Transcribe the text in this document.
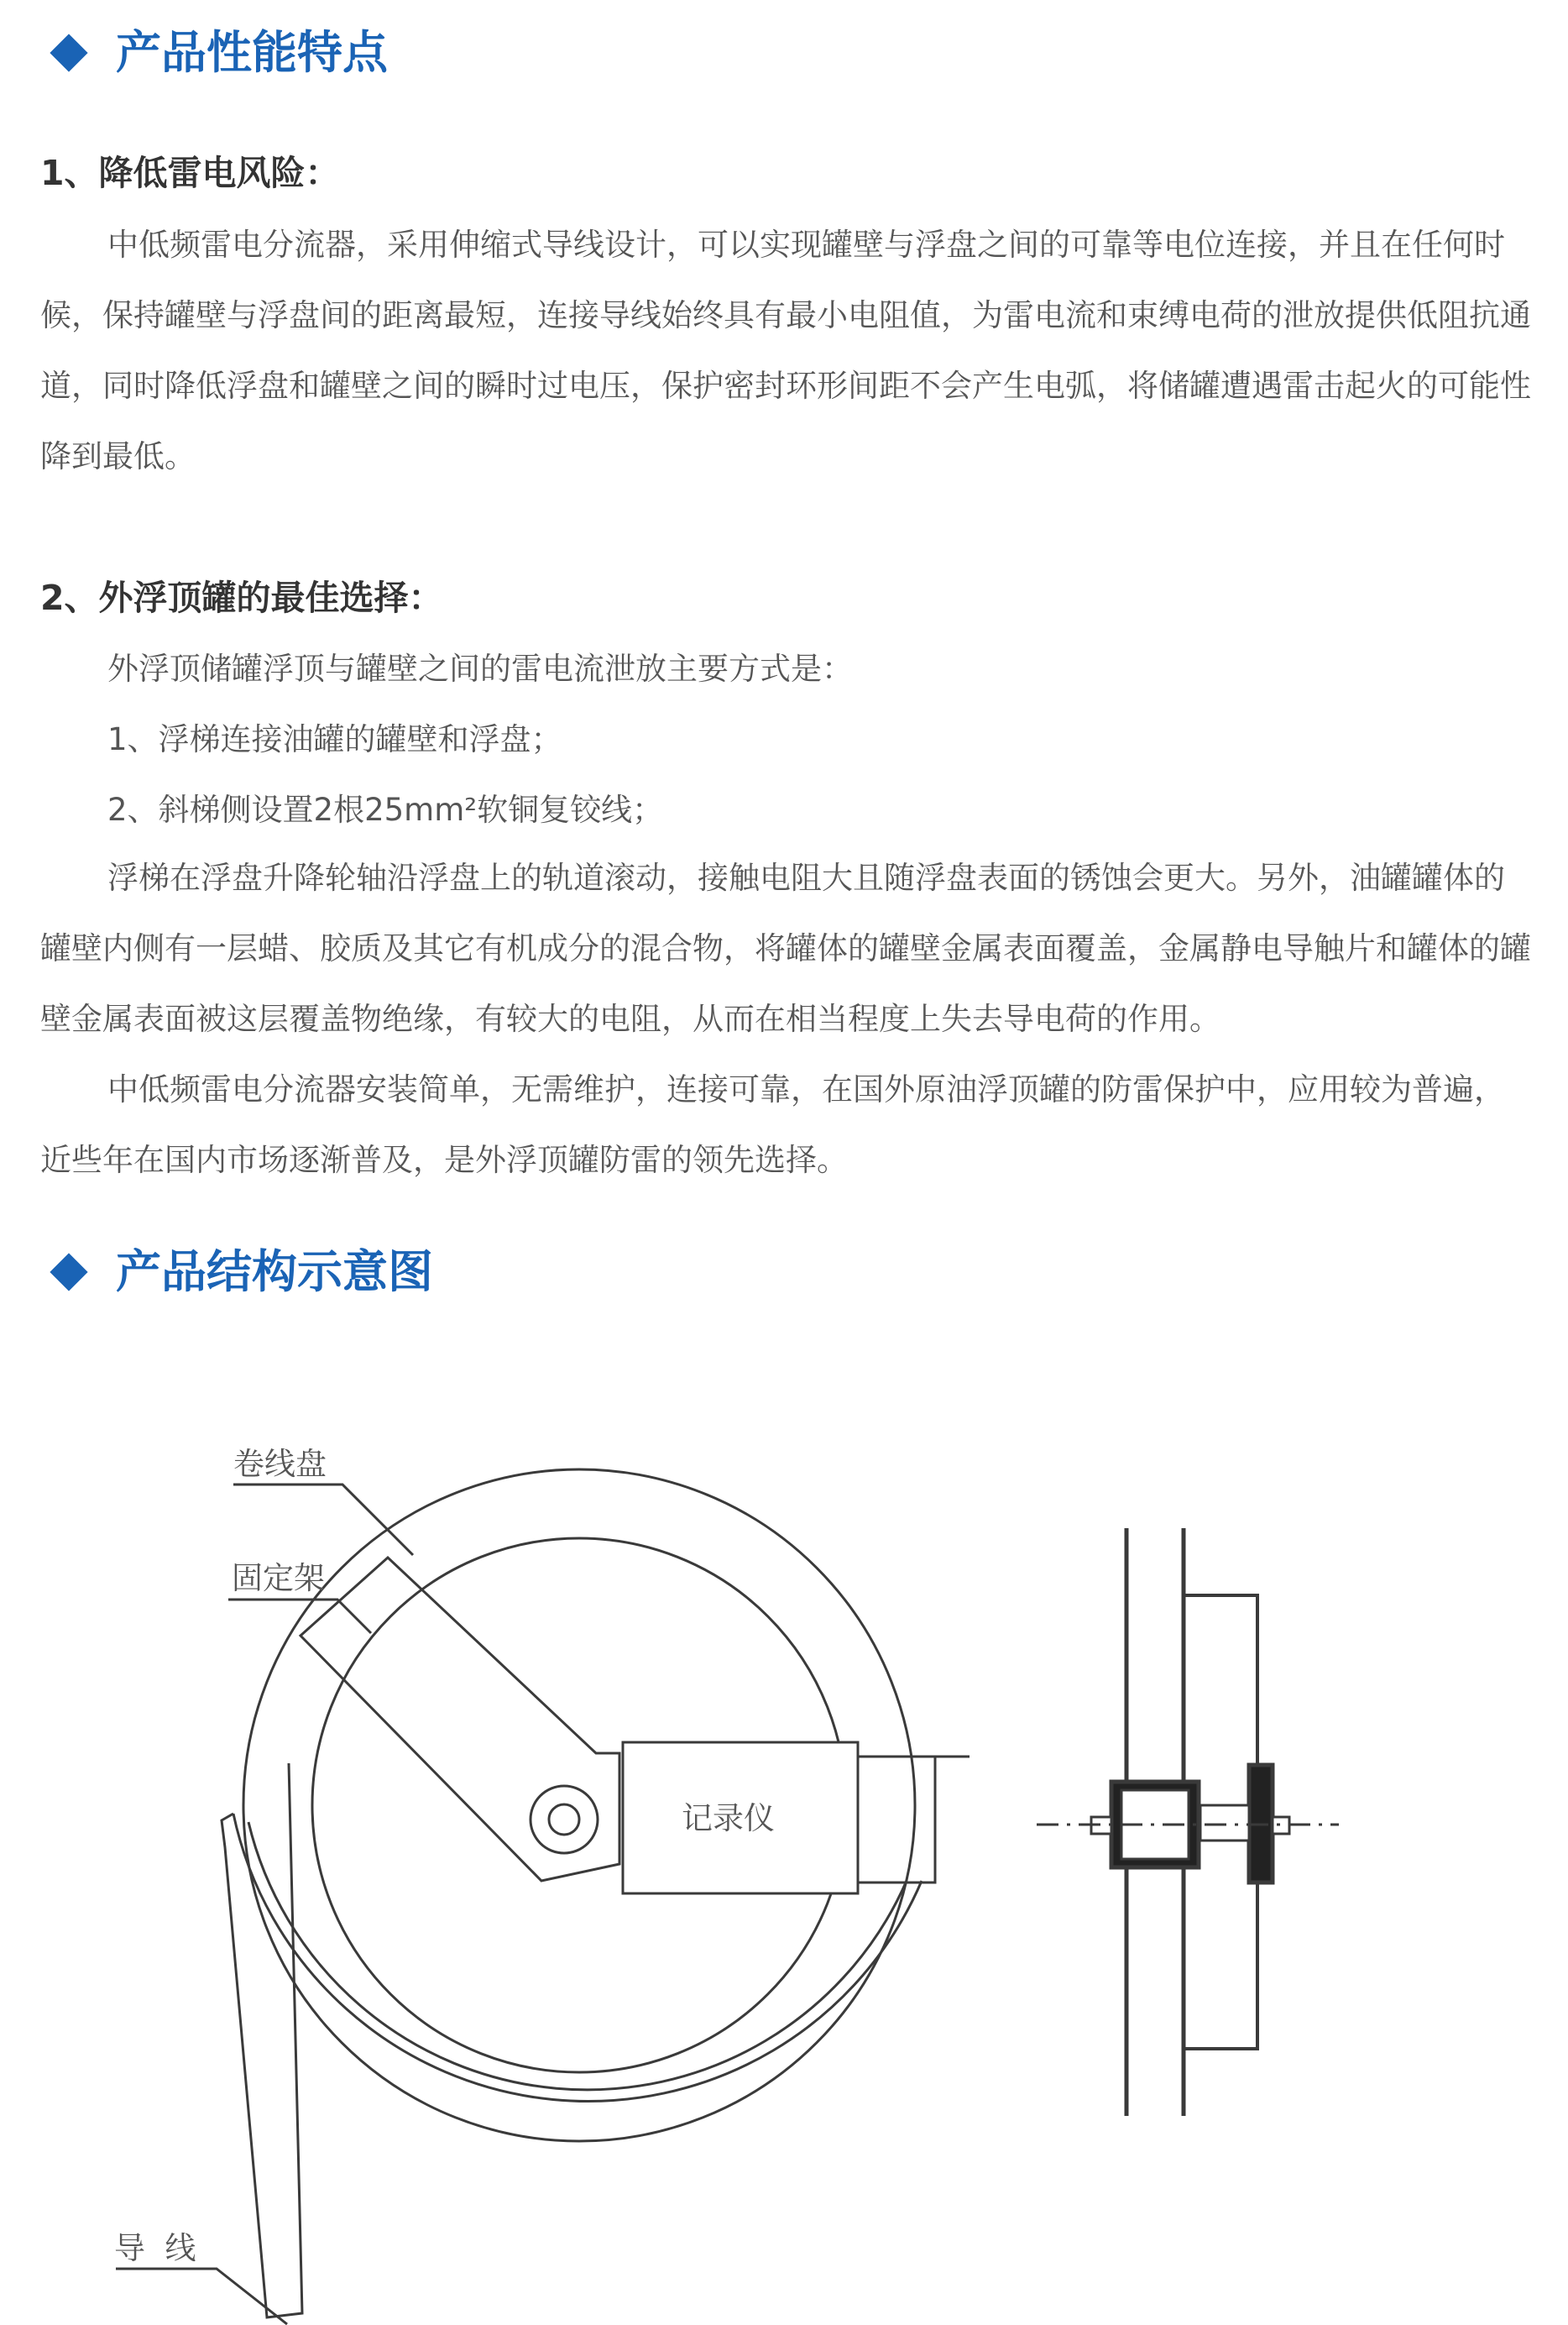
产品性能特点
1、降低雷电风险：

中低频雷电分流器，采用伸缩式导线设计，可以实现罐壁与浮盘之间的可靠等电位连接，并且在任何时候，保持罐壁与浮盘间的距离最短，连接导线始终具有最小电阻值，为雷电流和束缚电荷的泄放提供低阻抗通道，同时降低浮盘和罐壁之间的瞬时过电压，保护密封环形间距不会产生电弧，将储罐遭遇雷击起火的可能性降到最低。

2、外浮顶罐的最佳选择：
外浮顶储罐浮顶与罐壁之间的雷电流泄放主要方式是：
1、浮梯连接油罐的罐壁和浮盘；
2、斜梯侧设置2根25mm²软铜复铰线；

浮梯在浮盘升降轮轴沿浮盘上的轨道滚动，接触电阻大且随浮盘表面的锈蚀会更大。另外，油罐罐体的罐壁内侧有一层蜡、胶质及其它有机成分的混合物，将罐体的罐壁金属表面覆盖，金属静电导触片和罐体的罐壁金属表面被这层覆盖物绝缘，有较大的电阻，从而在相当程度上失去导电荷的作用。

中低频雷电分流器安装简单，无需维护，连接可靠，在国外原油浮顶罐的防雷保护中，应用较为普遍，近些年在国内市场逐渐普及，是外浮顶罐防雷的领先选择。

产品结构示意图
卷线盘
固定架
记录仪
导  线
